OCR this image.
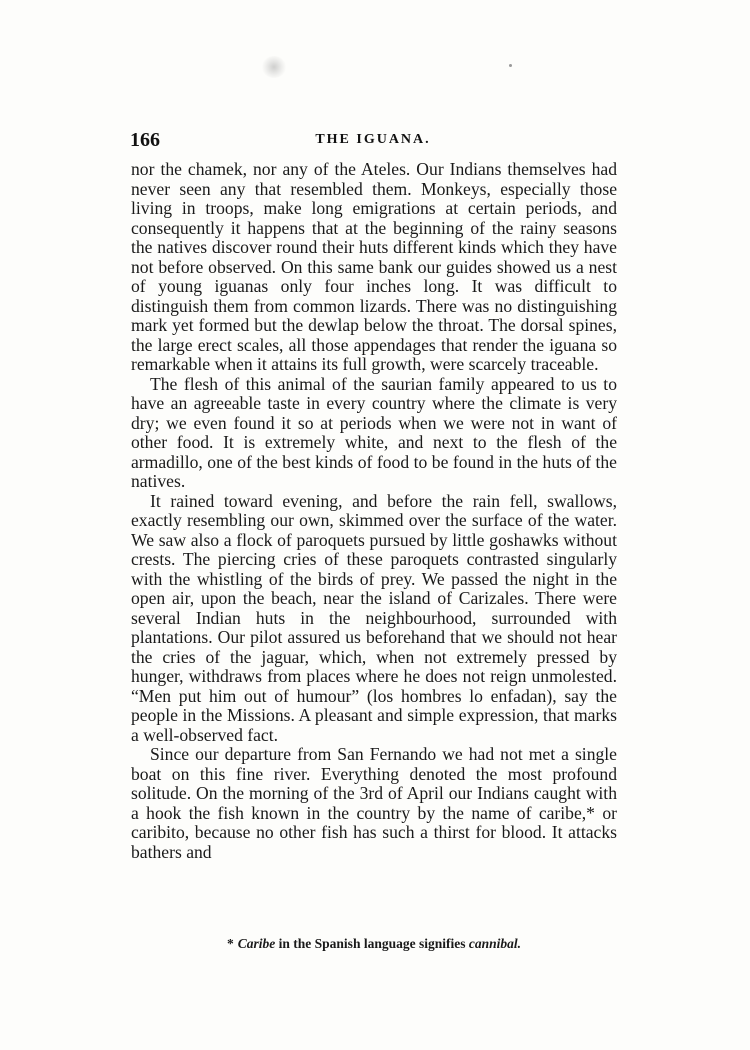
166	THE IGUANA.

nor the chamek, nor any of the Ateles. Our Indians themselves had never seen any that resembled them. Monkeys, especially those living in troops, make long emigrations at certain periods, and consequently it happens that at the beginning of the rainy seasons the natives discover round their huts different kinds which they have not before observed. On this same bank our guides showed us a nest of young iguanas only four inches long. It was difficult to distinguish them from common lizards. There was no distinguishing mark yet formed but the dewlap below the throat. The dorsal spines, the large erect scales, all those appendages that render the iguana so remarkable when it attains its full growth, were scarcely traceable.

The flesh of this animal of the saurian family appeared to us to have an agreeable taste in every country where the climate is very dry; we even found it so at periods when we were not in want of other food. It is extremely white, and next to the flesh of the armadillo, one of the best kinds of food to be found in the huts of the natives.

It rained toward evening, and before the rain fell, swallows, exactly resembling our own, skimmed over the surface of the water. We saw also a flock of paroquets pursued by little goshawks without crests. The piercing cries of these paroquets contrasted singularly with the whistling of the birds of prey. We passed the night in the open air, upon the beach, near the island of Carizales. There were several Indian huts in the neighbourhood, surrounded with plantations. Our pilot assured us beforehand that we should not hear the cries of the jaguar, which, when not extremely pressed by hunger, withdraws from places where he does not reign unmolested. “Men put him out of humour” (los hombres lo enfadan), say the people in the Missions. A pleasant and simple expression, that marks a well-observed fact.

Since our departure from San Fernando we had not met a single boat on this fine river. Everything denoted the most profound solitude. On the morning of the 3rd of April our Indians caught with a hook the fish known in the country by the name of caribe,* or caribito, because no other fish has such a thirst for blood. It attacks bathers and

* Caribe in the Spanish language signifies cannibal.
